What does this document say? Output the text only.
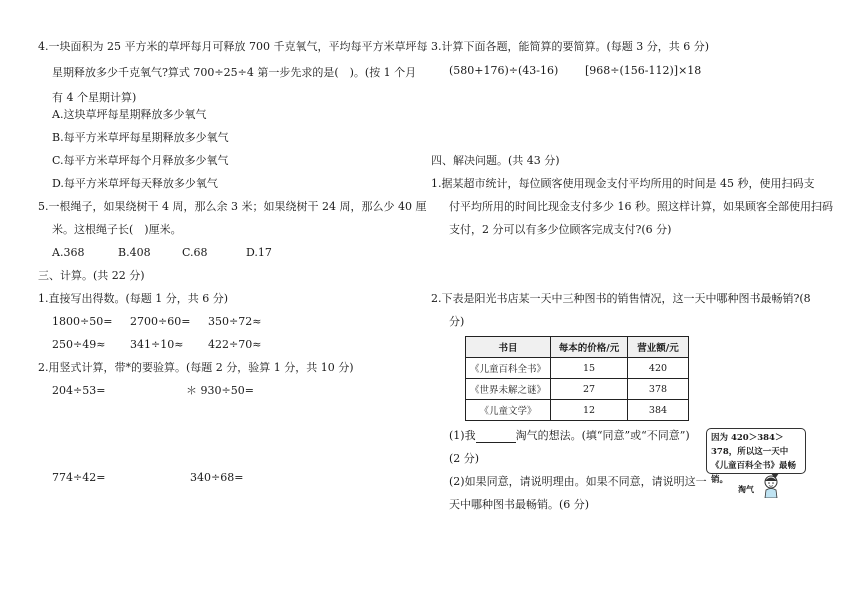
4.一块面积为 25 平方米的草坪每月可释放 700 千克氧气，平均每平方米草坪每
星期释放多少千克氧气?算式 700÷25÷4 第一步先求的是(　)。(按 1 个月
有 4 个星期计算)
A.这块草坪每星期释放多少氧气
B.每平方米草坪每星期释放多少氧气
C.每平方米草坪每个月释放多少氧气
D.每平方米草坪每天释放多少氧气
5.一根绳子，如果绕树干 4 周，那么余 3 米；如果绕树干 24 周，那么少 40 厘
米。这根绳子长(　)厘米。
A.368	B.408	C.68	D.17
三、计算。(共 22 分)
1.直接写出得数。(每题 1 分，共 6 分)
1800÷50= 2700÷60= 350÷72≈
250÷49≈ 341÷10≈ 422÷70≈
2.用竖式计算，带*的要验算。(每题 2 分，验算 1 分，共 10 分)
204÷53=	＊ 930÷50=
774÷42=	340÷68=
3.计算下面各题，能简算的要简算。(每题 3 分，共 6 分)
(580+176)÷(43-16) [968÷(156-112)]×18
四、解决问题。(共 43 分)
1.据某超市统计，每位顾客使用现金支付平均所用的时间是 45 秒，使用扫码支
付平均所用的时间比现金支付多少 16 秒。照这样计算，如果顾客全部使用扫码
支付，2 分可以有多少位顾客完成支付?(6 分)
2.下表是阳光书店某一天中三种图书的销售情况，这一天中哪种图书最畅销?(8
分)
书目	每本的价格/元	营业额/元
《儿童百科全书》	15	420
《世界未解之谜》	27	378
《儿童文学》	12	384
(1)我	淘气的想法。(填“同意”或“不同意”)
(2 分)
(2)如果同意，请说明理由。如果不同意，请说明这一
天中哪种图书最畅销。(6 分)
因为 420＞384＞378，所以这一天中《儿童百科全书》最畅销。
淘气
